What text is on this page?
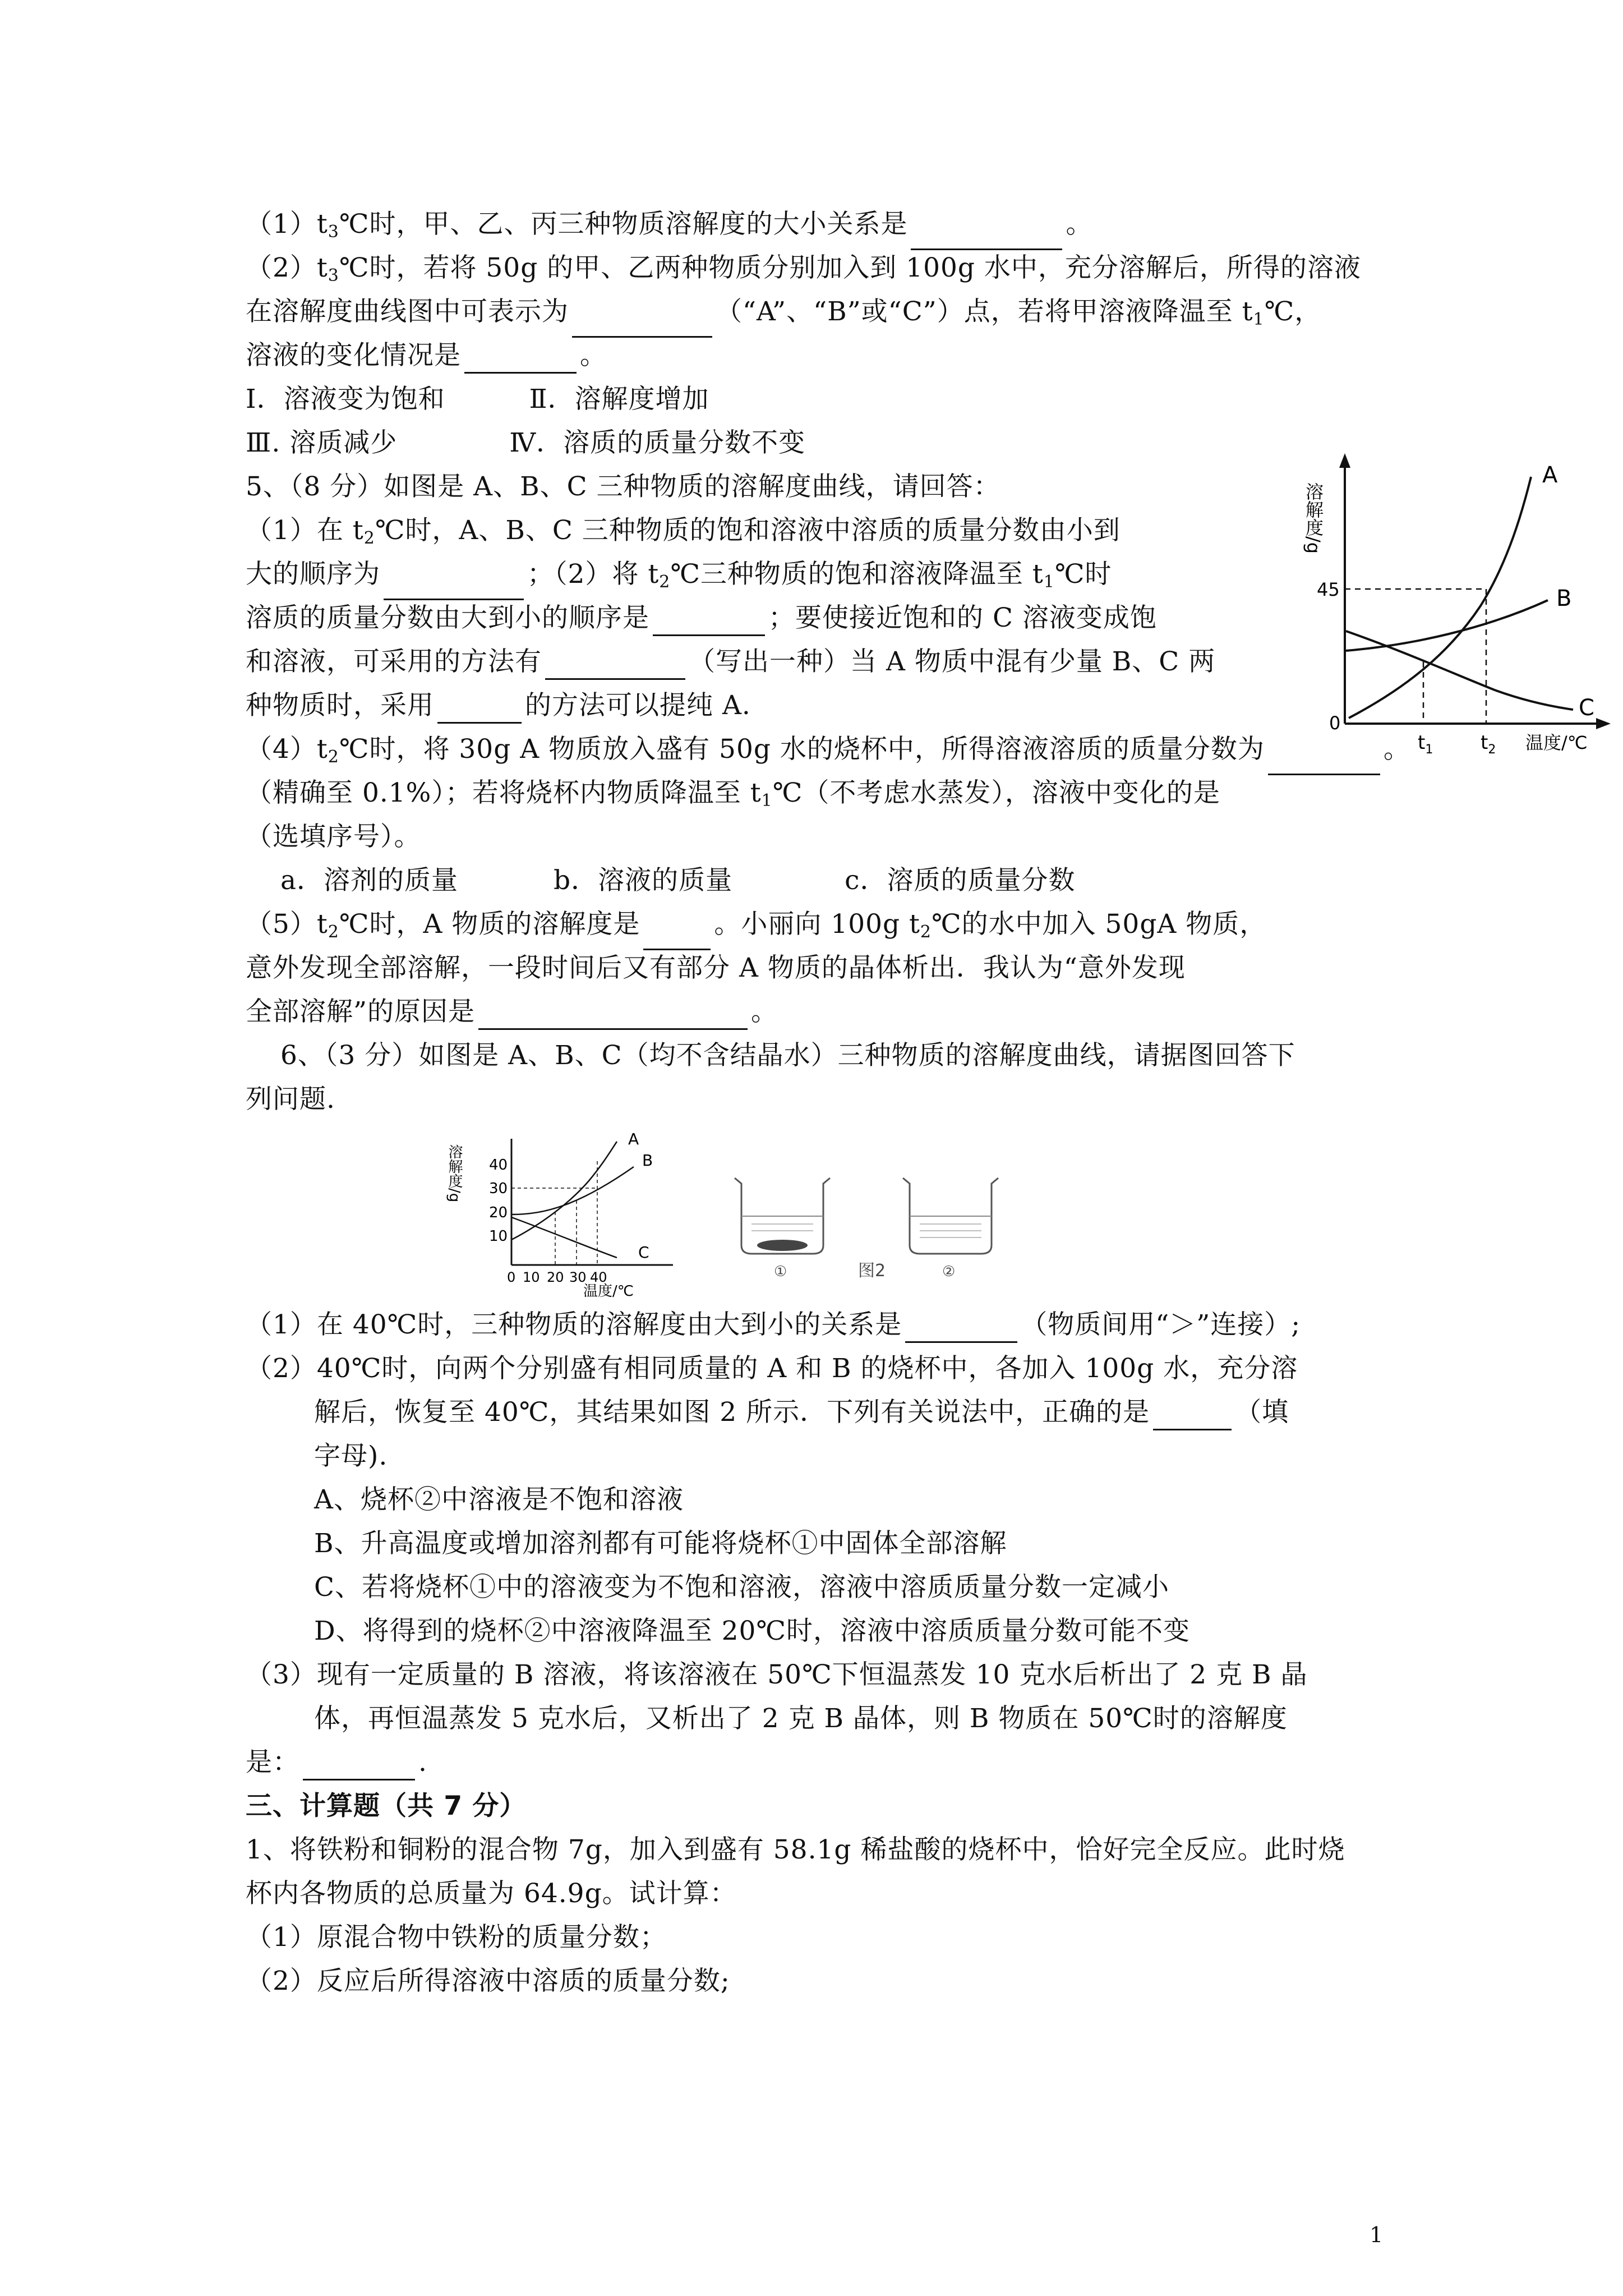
$(1)t_3℃$时，甲、乙、丙三种物质溶解度的大小关系是	。
$(2)t_3℃$时，若将 50g 的甲、乙两种物质分别加入到 100g 水中，充分溶解后，所得的溶液
在溶解度曲线图中可表示为	（“A”、“B”或“C”）点，若将甲溶液降温至 $t_1℃$，
溶液的变化情况是	。
Ⅰ．溶液变为饱和	Ⅱ．溶解度增加
Ⅲ. 溶质减少	Ⅳ．溶质的质量分数不变
5、（8 分）如图是 A、B、C 三种物质的溶解度曲线，请回答：
（1）在 $t_2℃$时，A、B、C 三种物质的饱和溶液中溶质的质量分数由小到
大的顺序为	；（2）将 $t_2℃$三种物质的饱和溶液降温至 $t_1℃$时
溶质的质量分数由大到小的顺序是	；要使接近饱和的 C 溶液变成饱
和溶液，可采用的方法有	（写出一种）当 A 物质中混有少量 B、C 两
种物质时，采用	的方法可以提纯 A.
$(4)t_2℃$时，将 30g A 物质放入盛有 50g 水的烧杯中，所得溶液溶质的质量分数为	。
（精确至 0.1%）；若将烧杯内物质降温至 $t_1℃$（不考虑水蒸发），溶液中变化的是
（选填序号）。
a．溶剂的质量	b．溶液的质量	c．溶质的质量分数
$(5)t_2℃$时，A 物质的溶解度是	。小丽向 100g $t_2℃$的水中加入 50gA 物质，
意外发现全部溶解，一段时间后又有部分 A 物质的晶体析出．我认为“意外发现
全部溶解”的原因是	。
6、（3 分）如图是 A、B、C（均不含结晶水）三种物质的溶解度曲线，请据图回答下
列问题.
（1）在 40℃时，三种物质的溶解度由大到小的关系是	（物质间用“＞”连接）;
（2）40℃时，向两个分别盛有相同质量的 A 和 B 的烧杯中，各加入 100g 水，充分溶
解后，恢复至 40℃，其结果如图 2 所示．下列有关说法中，正确的是	（填
字母).
A、烧杯②中溶液是不饱和溶液
B、升高温度或增加溶剂都有可能将烧杯①中固体全部溶解
C、若将烧杯①中的溶液变为不饱和溶液，溶液中溶质质量分数一定减小
D、将得到的烧杯②中溶液降温至 20℃时，溶液中溶质质量分数可能不变
（3）现有一定质量的 B 溶液，将该溶液在 50℃下恒温蒸发 10 克水后析出了 2 克 B 晶
体，再恒温蒸发 5 克水后，又析出了 2 克 B 晶体，则 B 物质在 50℃时的溶解度
是：	.
三、计算题（共 7 分）
1、将铁粉和铜粉的混合物 7g，加入到盛有 58.1g 稀盐酸的烧杯中，恰好完全反应。此时烧
杯内各物质的总质量为 64.9g。试计算：
（1）原混合物中铁粉的质量分数；
（2）反应后所得溶液中溶质的质量分数;
溶解度/g
A
B
C
45
0
$t_1$ $t_2$ 温度/℃
溶解度/g 40
30
20
10
A
B
C
0 10 20 30 40
温度/℃
①	②
图2
1
